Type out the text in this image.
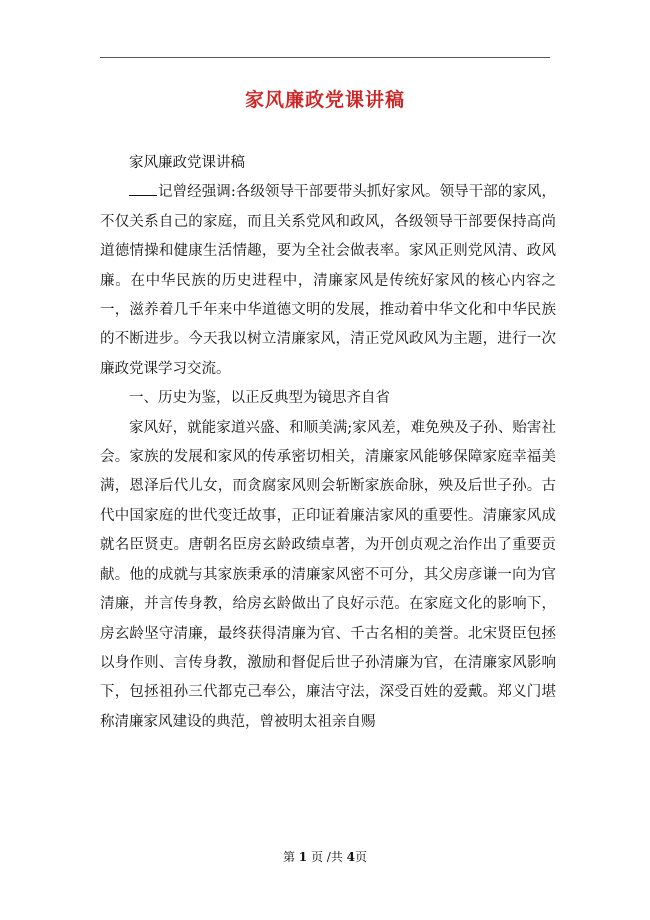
家风廉政党课讲稿

家风廉政党课讲稿

记曾经强调:各级领导干部要带头抓好家风。领导干部的家风，不仅关系自己的家庭，而且关系党风和政风，各级领导干部要保持高尚道德情操和健康生活情趣，要为全社会做表率。家风正则党风清、政风廉。在中华民族的历史进程中，清廉家风是传统好家风的核心内容之一，滋养着几千年来中华道德文明的发展，推动着中华文化和中华民族的不断进步。今天我以树立清廉家风，清正党风政风为主题，进行一次廉政党课学习交流。

一、历史为鉴，以正反典型为镜思齐自省

家风好，就能家道兴盛、和顺美满;家风差，难免殃及子孙、贻害社会。家族的发展和家风的传承密切相关，清廉家风能够保障家庭幸福美满，恩泽后代儿女，而贪腐家风则会斩断家族命脉，殃及后世子孙。古代中国家庭的世代变迁故事，正印证着廉洁家风的重要性。清廉家风成就名臣贤吏。唐朝名臣房玄龄政绩卓著，为开创贞观之治作出了重要贡献。他的成就与其家族秉承的清廉家风密不可分，其父房彦谦一向为官清廉，并言传身教，给房玄龄做出了良好示范。在家庭文化的影响下，房玄龄坚守清廉，最终获得清廉为官、千古名相的美誉。北宋贤臣包拯以身作则、言传身教，激励和督促后世子孙清廉为官，在清廉家风影响下，包拯祖孙三代都克己奉公，廉洁守法，深受百姓的爱戴。郑义门堪称清廉家风建设的典范，曾被明太祖亲自赐

第 1 页 /共 4页
